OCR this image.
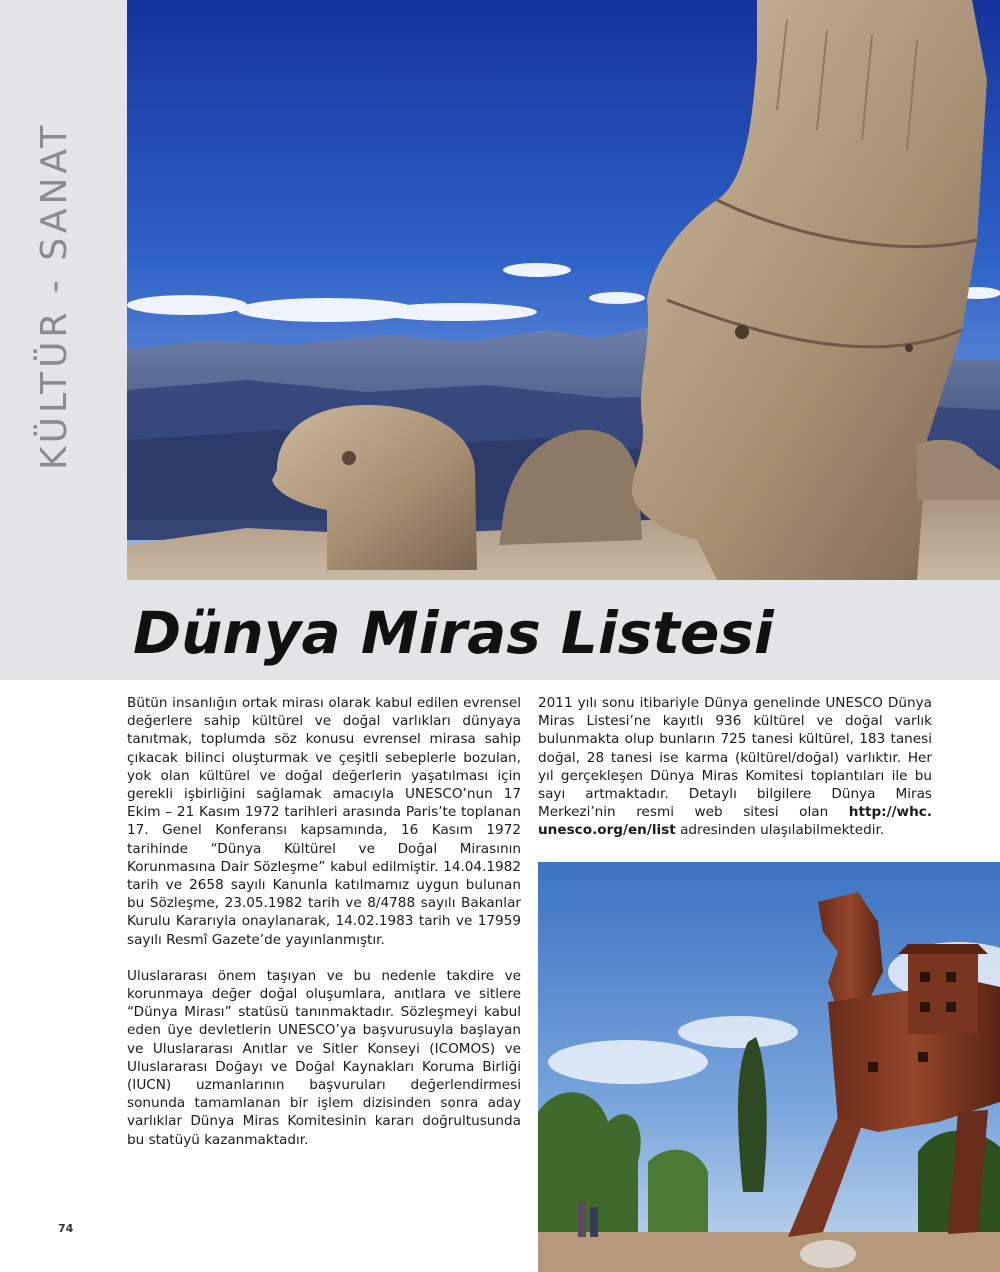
KÜLTÜR - SANAT
Dünya Miras Listesi

Bütün insanlığın ortak mirası olarak kabul edilen evrensel değerlere sahip kültürel ve doğal varlıkları dünyaya tanıtmak, toplumda söz konusu evrensel mirasa sahip çıkacak bilinci oluşturmak ve çeşitli sebeplerle bozulan, yok olan kültürel ve doğal değerlerin yaşatılması için gerekli işbirliğini sağlamak amacıyla UNESCO’nun 17 Ekim – 21 Kasım 1972 tarihleri arasında Paris’te toplanan 17. Genel Konferansı kapsamında, 16 Kasım 1972 tarihinde “Dünya Kültürel ve Doğal Mirasının Korunmasına Dair Sözleşme” kabul edilmiştir. 14.04.1982 tarih ve 2658 sayılı Kanunla katılmamız uygun bulunan bu Sözleşme, 23.05.1982 tarih ve 8/4788 sayılı Bakanlar Kurulu Kararıyla onaylanarak, 14.02.1983 tarih ve 17959 sayılı Resmî Gazete’de yayınlanmıştır.

Uluslararası önem taşıyan ve bu nedenle takdire ve korunmaya değer doğal oluşumlara, anıtlara ve sitlere “Dünya Mirası” statüsü tanınmaktadır. Sözleşmeyi kabul eden üye devletlerin UNESCO’ya başvurusuyla başlayan ve Uluslararası Anıtlar ve Sitler Konseyi (ICOMOS) ve Uluslararası Doğayı ve Doğal Kaynakları Koruma Birliği (IUCN) uzmanlarının başvuruları değerlendirmesi sonunda tamamlanan bir işlem dizisinden sonra aday varlıklar Dünya Miras Komitesinin kararı doğrultusunda bu statüyü kazanmaktadır.

2011 yılı sonu itibariyle Dünya genelinde UNESCO Dünya Miras Listesi’ne kayıtlı 936 kültürel ve doğal varlık bulunmakta olup bunların 725 tanesi kültürel, 183 tanesi doğal, 28 tanesi ise karma (kültürel/doğal) varlıktır. Her yıl gerçekleşen Dünya Miras Komitesi toplantıları ile bu sayı artmaktadır. Detaylı bilgilere Dünya Miras Merkezi’nin resmi web sitesi olan http://whc. unesco.org/en/list adresinden ulaşılabilmektedir.

74
